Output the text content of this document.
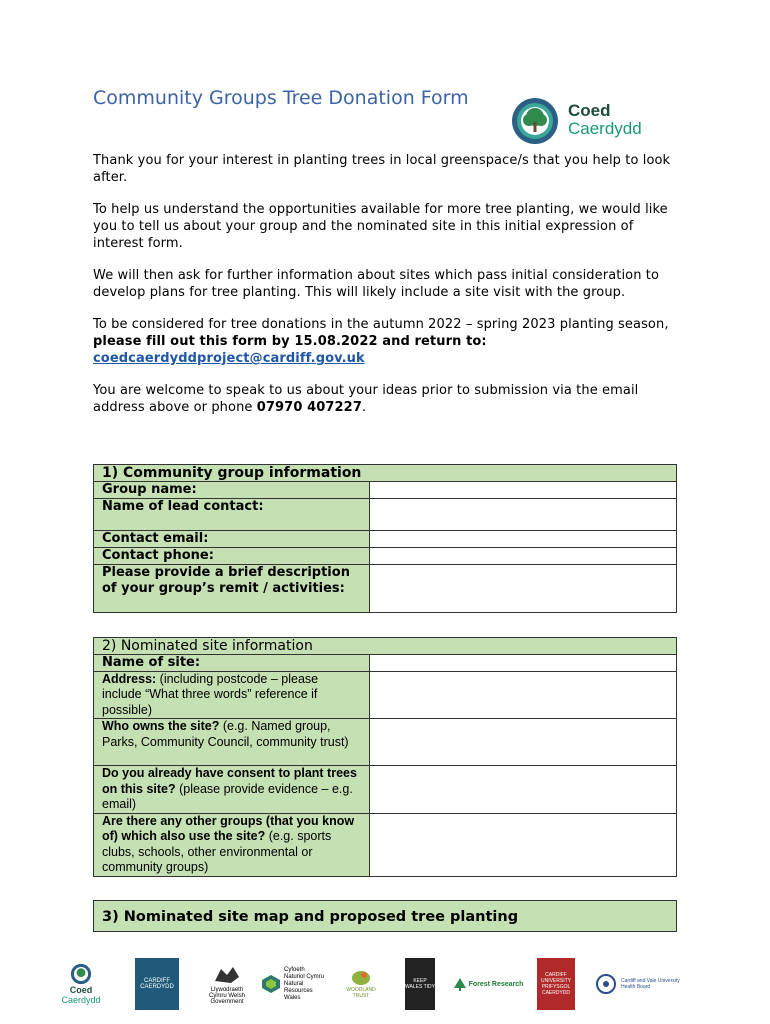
Community Groups Tree Donation Form
Coed
Caerdydd

Thank you for your interest in planting trees in local greenspace/s that you help to look after.

To help us understand the opportunities available for more tree planting, we would like you to tell us about your group and the nominated site in this initial expression of interest form.

We will then ask for further information about sites which pass initial consideration to develop plans for tree planting. This will likely include a site visit with the group.

To be considered for tree donations in the autumn 2022 – spring 2023 planting season, please fill out this form by 15.08.2022 and return to:
coedcaerdyddproject@cardiff.gov.uk

You are welcome to speak to us about your ideas prior to submission via the email address above or phone 07970 407227.

1) Community group information	
Group name:	
Name of lead contact:	
Contact email:	
Contact phone:	
Please provide a brief description of your group’s remit / activities:	
2) Nominated site information	
Name of site:	
Address: (including postcode – please include “What three words” reference if possible)	
Who owns the site? (e.g. Named group, Parks, Community Council, community trust)	
Do you already have consent to plant trees on this site? (please provide evidence – e.g. email)	
Are there any other groups (that you know of) which also use the site? (e.g. sports clubs, schools, other environmental or community groups)	
3) Nominated site map and proposed tree planting
Coed
Caerdydd
CARDIFF CAERDYDD	Llywodraeth Cymru Welsh Government
Cyfoeth Naturiol Cymru Natural Resources Wales
WOODLAND TRUST
KEEP WALES TIDY	Forest Research
CARDIFF UNIVERSITY PRIFYSGOL CAERDYDD
Cardiff and Vale University Health Board
